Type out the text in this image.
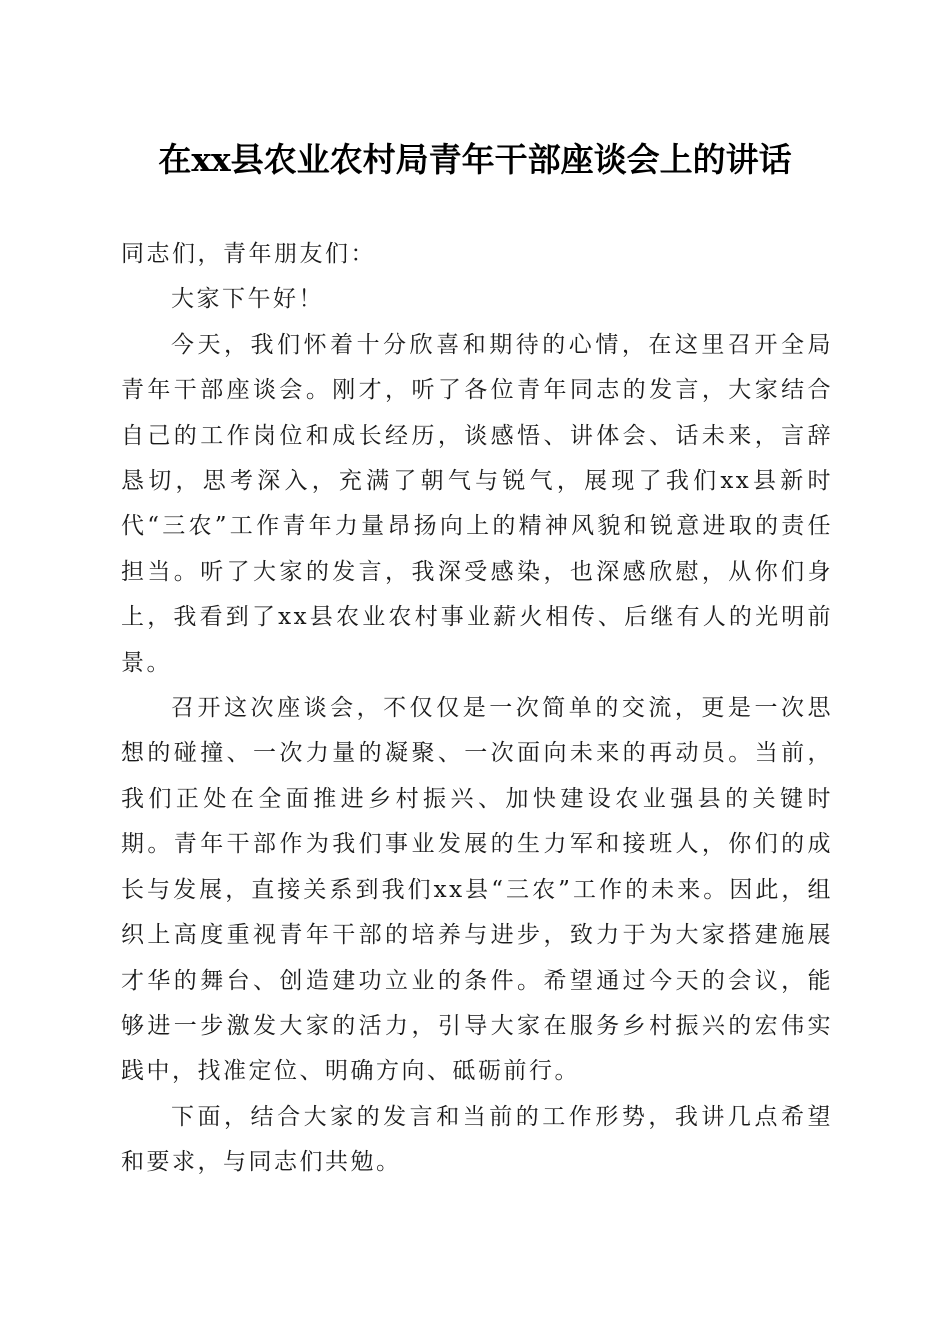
在xx县农业农村局青年干部座谈会上的讲话

同志们，青年朋友们：

大家下午好！

今天，我们怀着十分欣喜和期待的心情，在这里召开全局青年干部座谈会。刚才，听了各位青年同志的发言，大家结合自己的工作岗位和成长经历，谈感悟、讲体会、话未来，言辞恳切，思考深入，充满了朝气与锐气，展现了我们xx县新时代“三农”工作青年力量昂扬向上的精神风貌和锐意进取的责任担当。听了大家的发言，我深受感染，也深感欣慰，从你们身上，我看到了xx县农业农村事业薪火相传、后继有人的光明前景。

召开这次座谈会，不仅仅是一次简单的交流，更是一次思想的碰撞、一次力量的凝聚、一次面向未来的再动员。当前，我们正处在全面推进乡村振兴、加快建设农业强县的关键时期。青年干部作为我们事业发展的生力军和接班人，你们的成长与发展，直接关系到我们xx县“三农”工作的未来。因此，组织上高度重视青年干部的培养与进步，致力于为大家搭建施展才华的舞台、创造建功立业的条件。希望通过今天的会议，能够进一步激发大家的活力，引导大家在服务乡村振兴的宏伟实践中，找准定位、明确方向、砥砺前行。

下面，结合大家的发言和当前的工作形势，我讲几点希望和要求，与同志们共勉。
